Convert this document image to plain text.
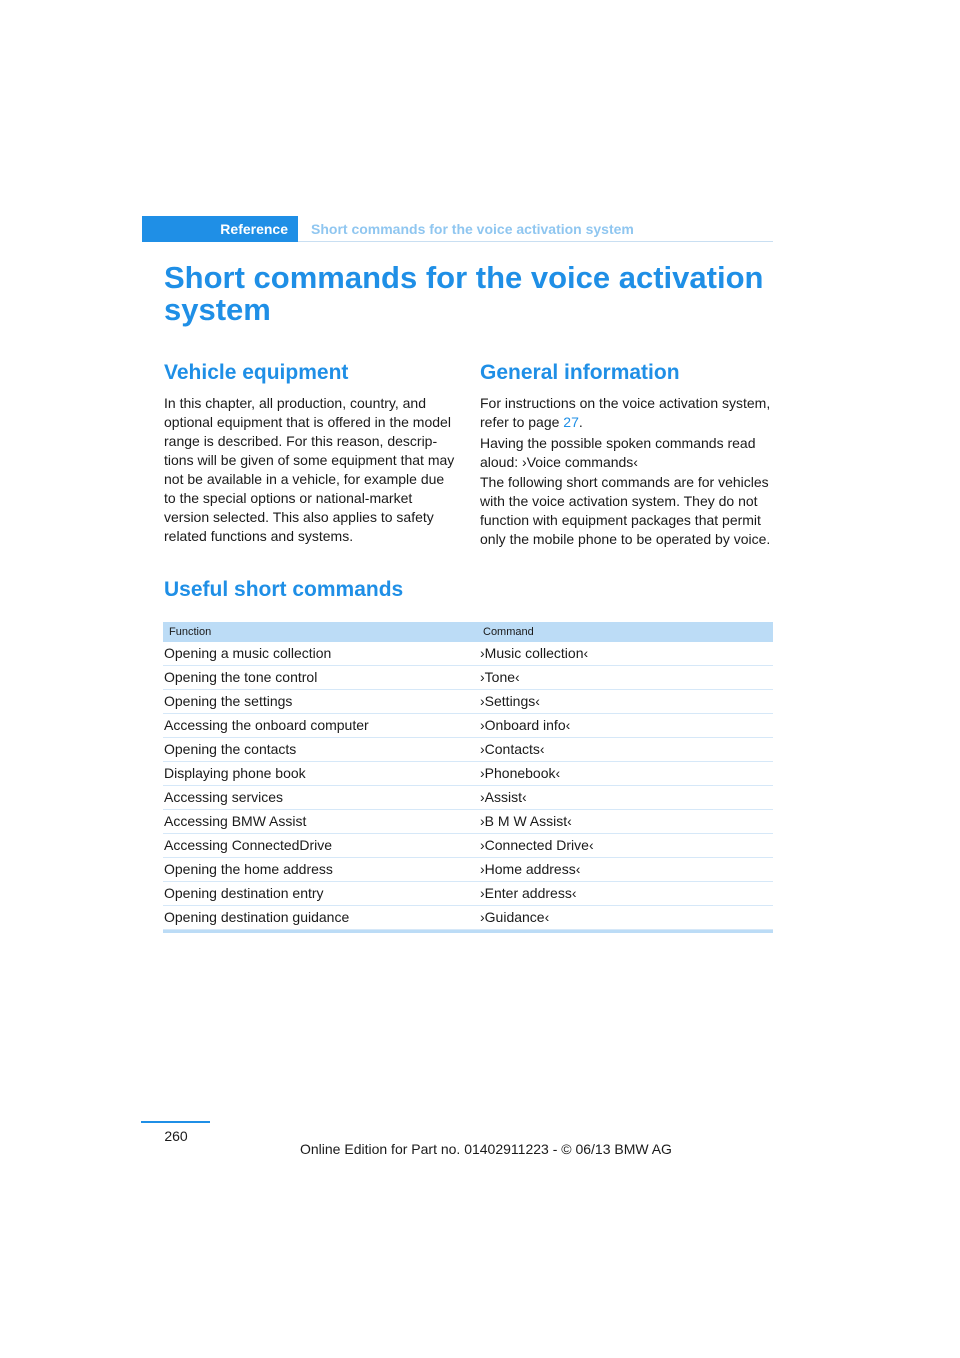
Reference	Short commands for the voice activation system
Short commands for the voice activation system
Vehicle equipment

In this chapter, all production, country, and optional equipment that is offered in the model range is described. For this reason, descrip-tions will be given of some equipment that may not be available in a vehicle, for example due to the special options or national-market version selected. This also applies to safety related functions and systems.

General information

For instructions on the voice activation system, refer to page 27.

Having the possible spoken commands read aloud: ›Voice commands‹

The following short commands are for vehicles with the voice activation system. They do not function with equipment packages that permit only the mobile phone to be operated by voice.

Useful short commands
Function	Command
Opening a music collection	›Music collection‹
Opening the tone control	›Tone‹
Opening the settings	›Settings‹
Accessing the onboard computer	›Onboard info‹
Opening the contacts	›Contacts‹
Displaying phone book	›Phonebook‹
Accessing services	›Assist‹
Accessing BMW Assist	›B M W Assist‹
Accessing ConnectedDrive	›Connected Drive‹
Opening the home address	›Home address‹
Opening destination entry	›Enter address‹
Opening destination guidance	›Guidance‹
260
Online Edition for Part no. 01402911223 - © 06/13 BMW AG
